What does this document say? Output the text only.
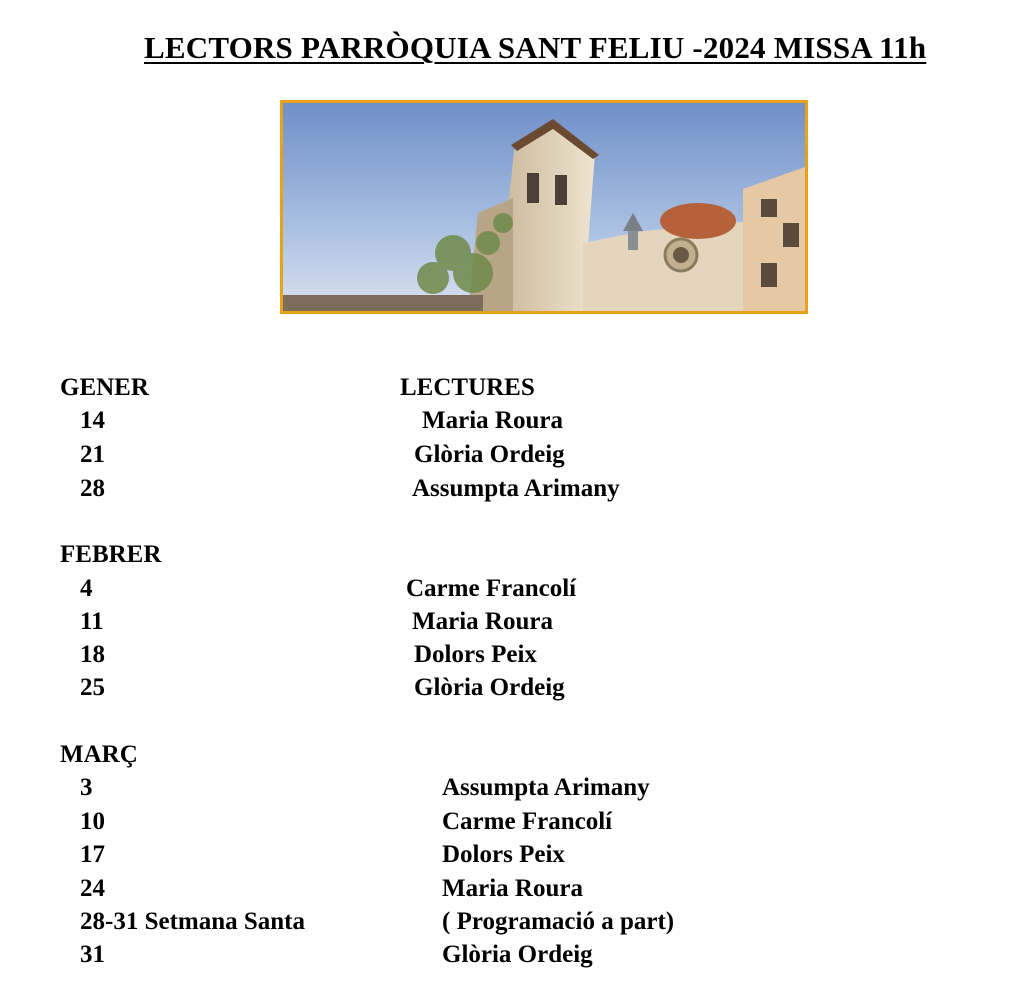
LECTORS PARRÒQUIA SANT FELIU -2024 MISSA 11h
LECTURES
GENER
14	Maria Roura
21	Glòria Ordeig
28	Assumpta Arimany
FEBRER
4	Carme Francolí
11	Maria Roura
18	Dolors Peix
25	Glòria Ordeig
MARÇ
3	Assumpta Arimany
10	Carme Francolí
17	Dolors Peix
24	Maria Roura
28-31 Setmana Santa	( Programació a part)
31	Glòria Ordeig
